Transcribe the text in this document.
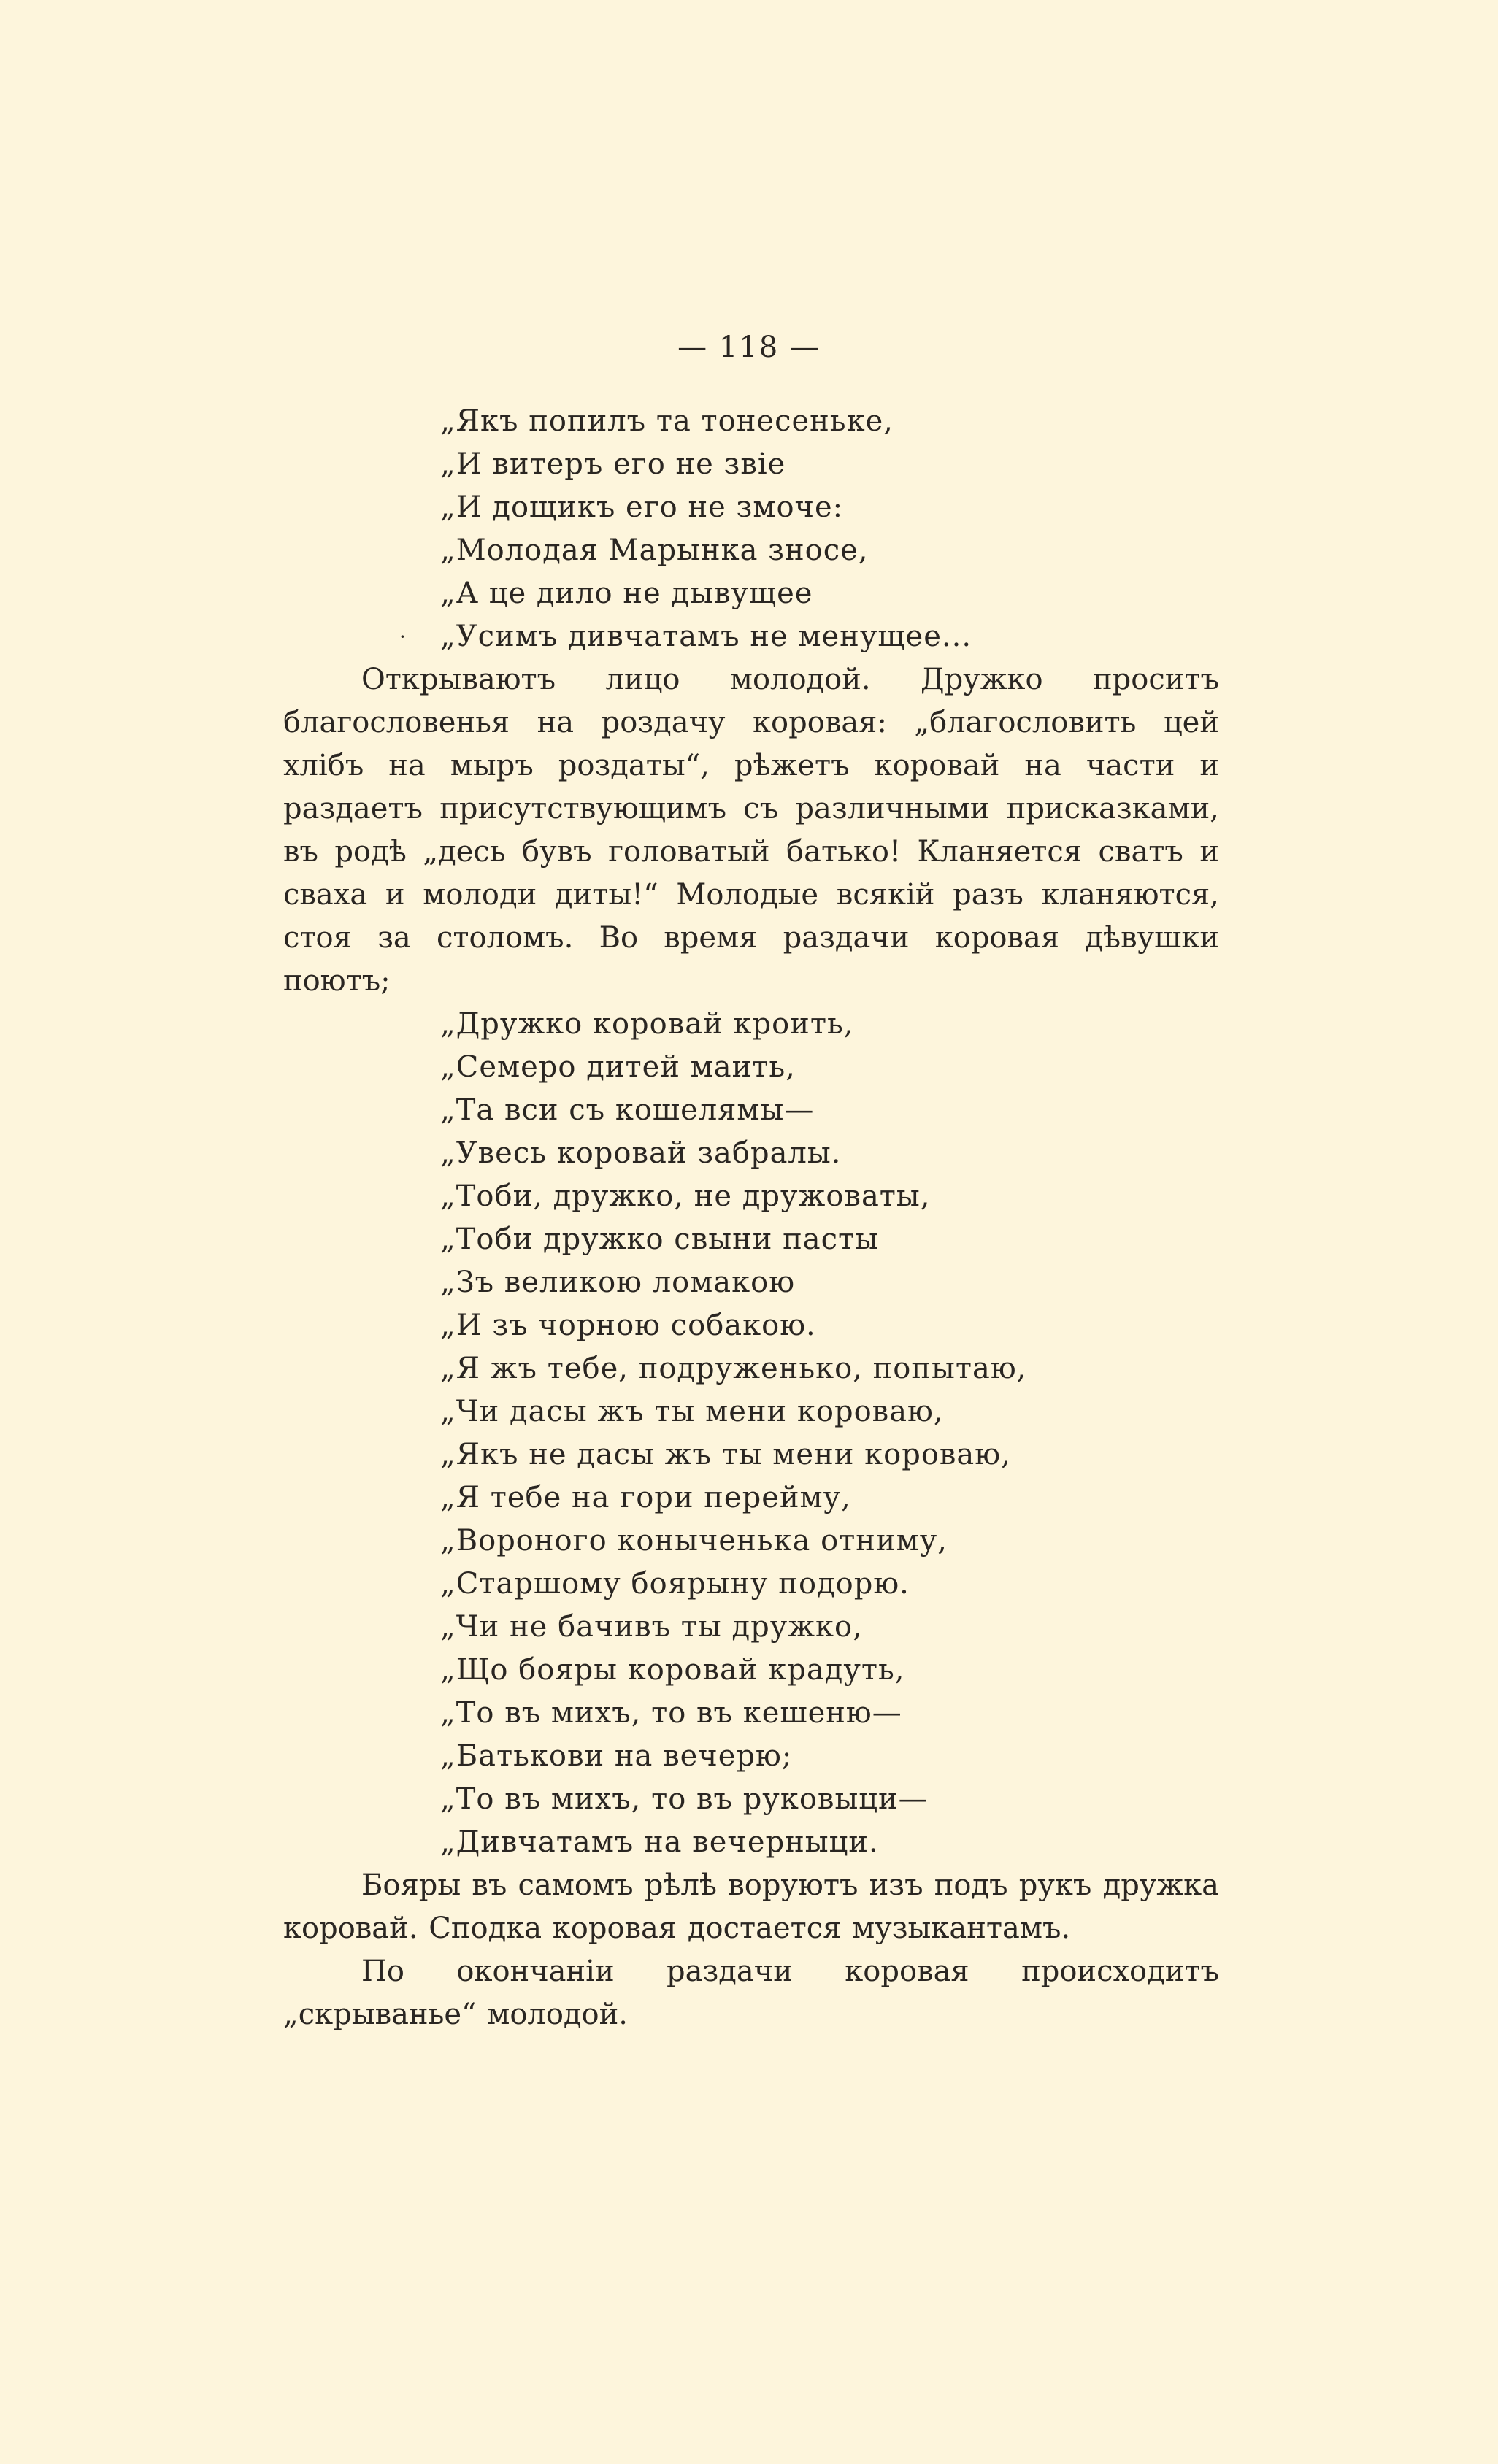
— 118 —
„Якъ попилъ та тонесеньке,
„И витеръ его не звіе
„И дощикъ его не змоче:
„Молодая Марынка зносе,
„А це дило не дывущее
· „Усимъ дивчатамъ не менущее...

Открываютъ лицо молодой. Дружко проситъ благословенья на роздачу коровая: „благословить цей хлібъ на мыръ роздаты“, рѣжетъ коровай на части и раздаетъ присутствующимъ съ различными присказками, въ родѣ „десь бувъ головатый батько! Кланяется сватъ и сваха и молоди диты!“ Молодые всякій разъ кланяются, стоя за столомъ. Во время раздачи коровая дѣвушки поютъ;

„Дружко коровай кроить,
„Семеро дитей маить,
„Та вси съ кошелямы—
„Увесь коровай забралы.
„Тоби, дружко, не дружоваты,
„Тоби дружко свыни пасты
„Зъ великою ломакою
„И зъ чорною собакою.
„Я жъ тебе, подруженько, попытаю,
„Чи дасы жъ ты мени короваю,
„Якъ не дасы жъ ты мени короваю,
„Я тебе на гори перейму,
„Вороного коныченька отниму,
„Старшому боярыну подорю.
„Чи не бачивъ ты дружко,
„Що бояры коровай крадуть,
„То въ михъ, то въ кешеню—
„Батькови на вечерю;
„То въ михъ, то въ руковыци—
„Дивчатамъ на вечерныци.

Бояры въ самомъ рѣлѣ воруютъ изъ подъ рукъ дружка коровай. Сподка коровая достается музыкантамъ.

По окончаніи раздачи коровая происходитъ „скрыванье“ молодой.
